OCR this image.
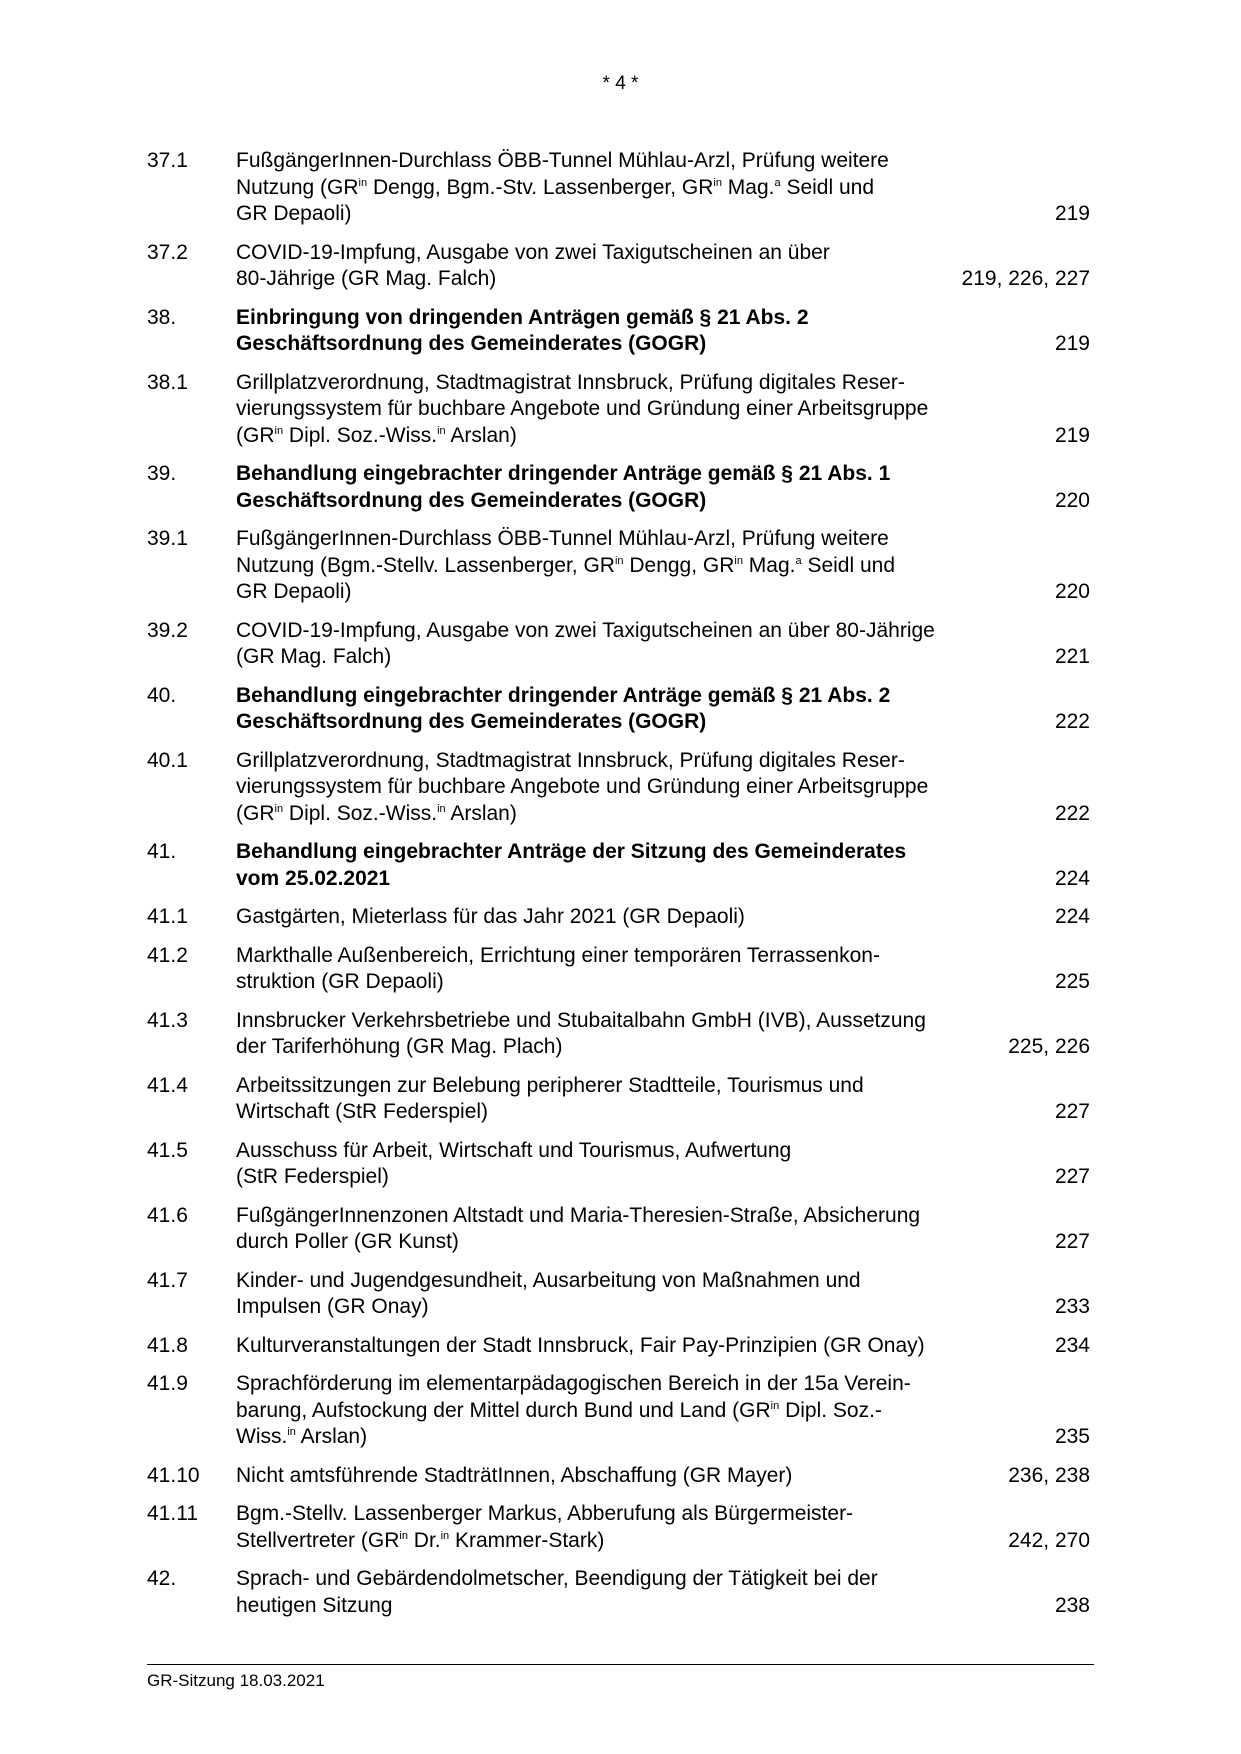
* 4 *
37.1	FußgängerInnen-Durchlass ÖBB-Tunnel Mühlau-Arzl, Prüfung weitere
Nutzung ($GR^{in}$ Dengg, Bgm.-Stv. Lassenberger, $GR^{in}$ Mag.$^a$ Seidl und
GR Depaoli)	219
37.2	COVID-19-Impfung, Ausgabe von zwei Taxigutscheinen an über
80-Jährige (GR Mag. Falch)	219, 226, 227
38.	Einbringung von dringenden Anträgen gemäß § 21 Abs. 2
Geschäftsordnung des Gemeinderates (GOGR)	219
38.1	Grillplatzverordnung, Stadtmagistrat Innsbruck, Prüfung digitales Reser-
vierungssystem für buchbare Angebote und Gründung einer Arbeitsgruppe
($GR^{in}$ Dipl. Soz.-Wiss.$^{in}$ Arslan)	219
39.	Behandlung eingebrachter dringender Anträge gemäß § 21 Abs. 1
Geschäftsordnung des Gemeinderates (GOGR)	220
39.1	FußgängerInnen-Durchlass ÖBB-Tunnel Mühlau-Arzl, Prüfung weitere
Nutzung (Bgm.-Stellv. Lassenberger, $GR^{in}$ Dengg, $GR^{in}$ Mag.$^a$ Seidl und
GR Depaoli)	220
39.2	COVID-19-Impfung, Ausgabe von zwei Taxigutscheinen an über 80-Jährige
(GR Mag. Falch)	221
40.	Behandlung eingebrachter dringender Anträge gemäß § 21 Abs. 2
Geschäftsordnung des Gemeinderates (GOGR)	222
40.1	Grillplatzverordnung, Stadtmagistrat Innsbruck, Prüfung digitales Reser-
vierungssystem für buchbare Angebote und Gründung einer Arbeitsgruppe
($GR^{in}$ Dipl. Soz.-Wiss.$^{in}$ Arslan)	222
41.	Behandlung eingebrachter Anträge der Sitzung des Gemeinderates
vom 25.02.2021	224
41.1	Gastgärten, Mieterlass für das Jahr 2021 (GR Depaoli)	224
41.2	Markthalle Außenbereich, Errichtung einer temporären Terrassenkon-
struktion (GR Depaoli)	225
41.3	Innsbrucker Verkehrsbetriebe und Stubaitalbahn GmbH (IVB), Aussetzung
der Tariferhöhung (GR Mag. Plach)	225, 226
41.4	Arbeitssitzungen zur Belebung peripherer Stadtteile, Tourismus und
Wirtschaft (StR Federspiel)	227
41.5	Ausschuss für Arbeit, Wirtschaft und Tourismus, Aufwertung
(StR Federspiel)	227
41.6	FußgängerInnenzonen Altstadt und Maria-Theresien-Straße, Absicherung
durch Poller (GR Kunst)	227
41.7	Kinder- und Jugendgesundheit, Ausarbeitung von Maßnahmen und
Impulsen (GR Onay)	233
41.8	Kulturveranstaltungen der Stadt Innsbruck, Fair Pay-Prinzipien (GR Onay)	234
41.9	Sprachförderung im elementarpädagogischen Bereich in der 15a Verein-
barung, Aufstockung der Mittel durch Bund und Land ($GR^{in}$ Dipl. Soz.-
Wiss.$^{in}$ Arslan)	235
41.10	Nicht amtsführende StadträtInnen, Abschaffung (GR Mayer)	236, 238
41.11	Bgm.-Stellv. Lassenberger Markus, Abberufung als Bürgermeister-
Stellvertreter ($GR^{in}$ Dr.$^{in}$ Krammer-Stark)	242, 270
42.	Sprach- und Gebärdendolmetscher, Beendigung der Tätigkeit bei der
heutigen Sitzung	238
GR-Sitzung 18.03.2021
